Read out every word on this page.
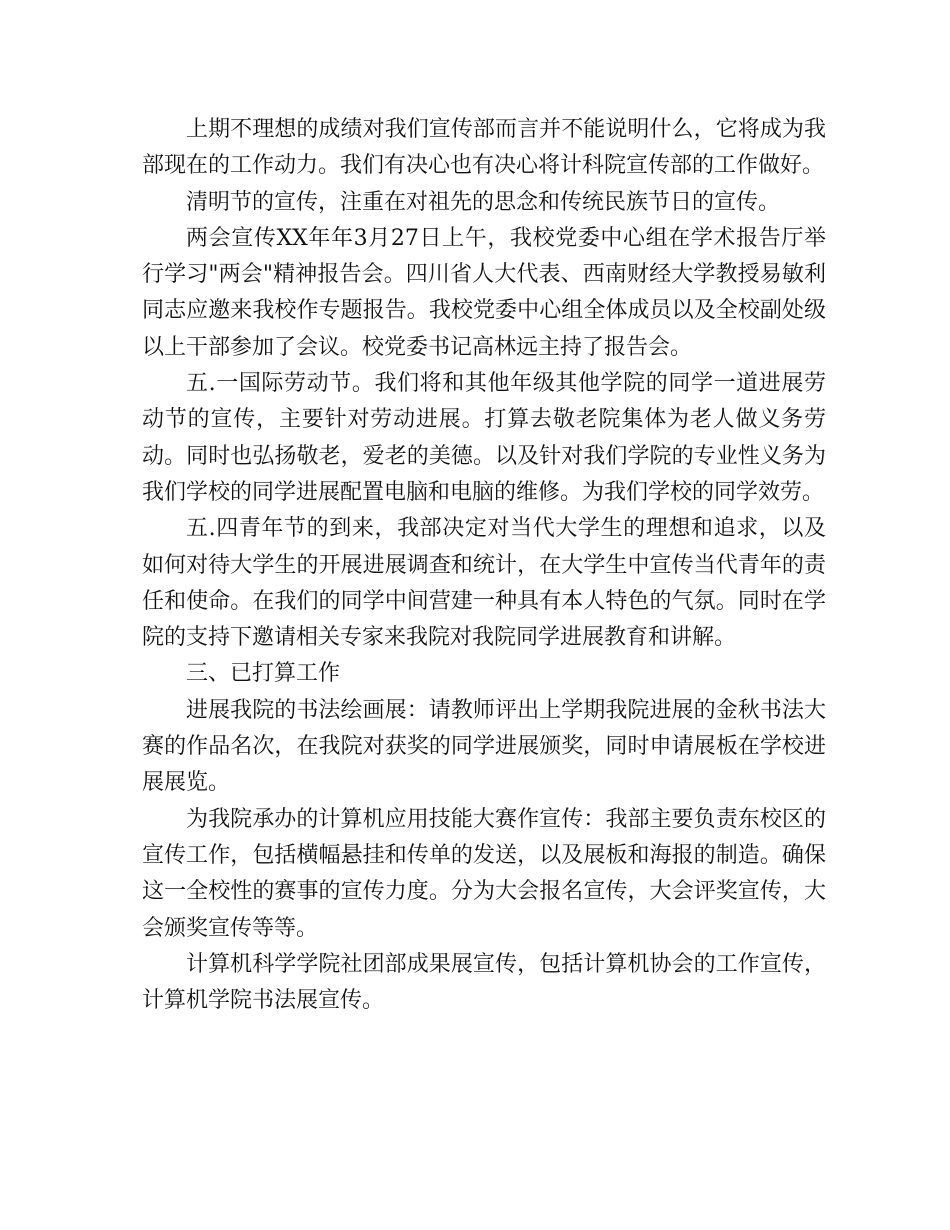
上期不理想的成绩对我们宣传部而言并不能说明什么，它将成为我部现在的工作动力。我们有决心也有决心将计科院宣传部的工作做好。

清明节的宣传，注重在对祖先的思念和传统民族节日的宣传。

两会宣传XX年年3月27日上午，我校党委中心组在学术报告厅举行学习"两会"精神报告会。四川省人大代表、西南财经大学教授易敏利同志应邀来我校作专题报告。我校党委中心组全体成员以及全校副处级以上干部参加了会议。校党委书记高林远主持了报告会。

五.一国际劳动节。我们将和其他年级其他学院的同学一道进展劳动节的宣传，主要针对劳动进展。打算去敬老院集体为老人做义务劳动。同时也弘扬敬老，爱老的美德。以及针对我们学院的专业性义务为我们学校的同学进展配置电脑和电脑的维修。为我们学校的同学效劳。

五.四青年节的到来，我部决定对当代大学生的理想和追求，以及如何对待大学生的开展进展调查和统计，在大学生中宣传当代青年的责任和使命。在我们的同学中间营建一种具有本人特色的气氛。同时在学院的支持下邀请相关专家来我院对我院同学进展教育和讲解。

三、已打算工作

进展我院的书法绘画展：请教师评出上学期我院进展的金秋书法大赛的作品名次，在我院对获奖的同学进展颁奖，同时申请展板在学校进展展览。

为我院承办的计算机应用技能大赛作宣传：我部主要负责东校区的宣传工作，包括横幅悬挂和传单的发送，以及展板和海报的制造。确保这一全校性的赛事的宣传力度。分为大会报名宣传，大会评奖宣传，大会颁奖宣传等等。

计算机科学学院社团部成果展宣传，包括计算机协会的工作宣传，计算机学院书法展宣传。
